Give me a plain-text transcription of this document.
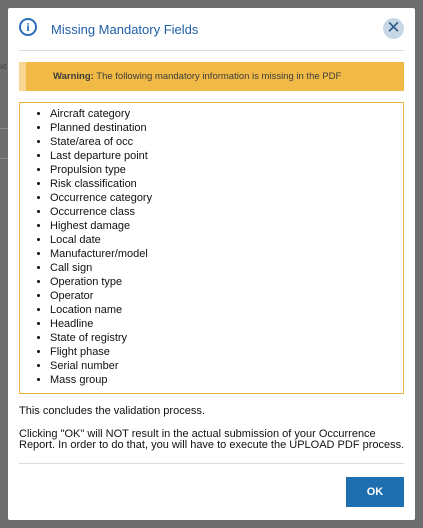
xt
i	Missing Mandatory Fields	✕
Warning: The following mandatory information is missing in the PDF
• Aircraft category
• Planned destination
• State/area of occ
• Last departure point
• Propulsion type
• Risk classification
• Occurrence category
• Occurrence class
• Highest damage
• Local date
• Manufacturer/model
• Call sign
• Operation type
• Operator
• Location name
• Headline
• State of registry
• Flight phase
• Serial number
• Mass group
This concludes the validation process.
Clicking "OK" will NOT result in the actual submission of your Occurrence Report. In order to do that, you will have to execute the UPLOAD PDF process.
OK
